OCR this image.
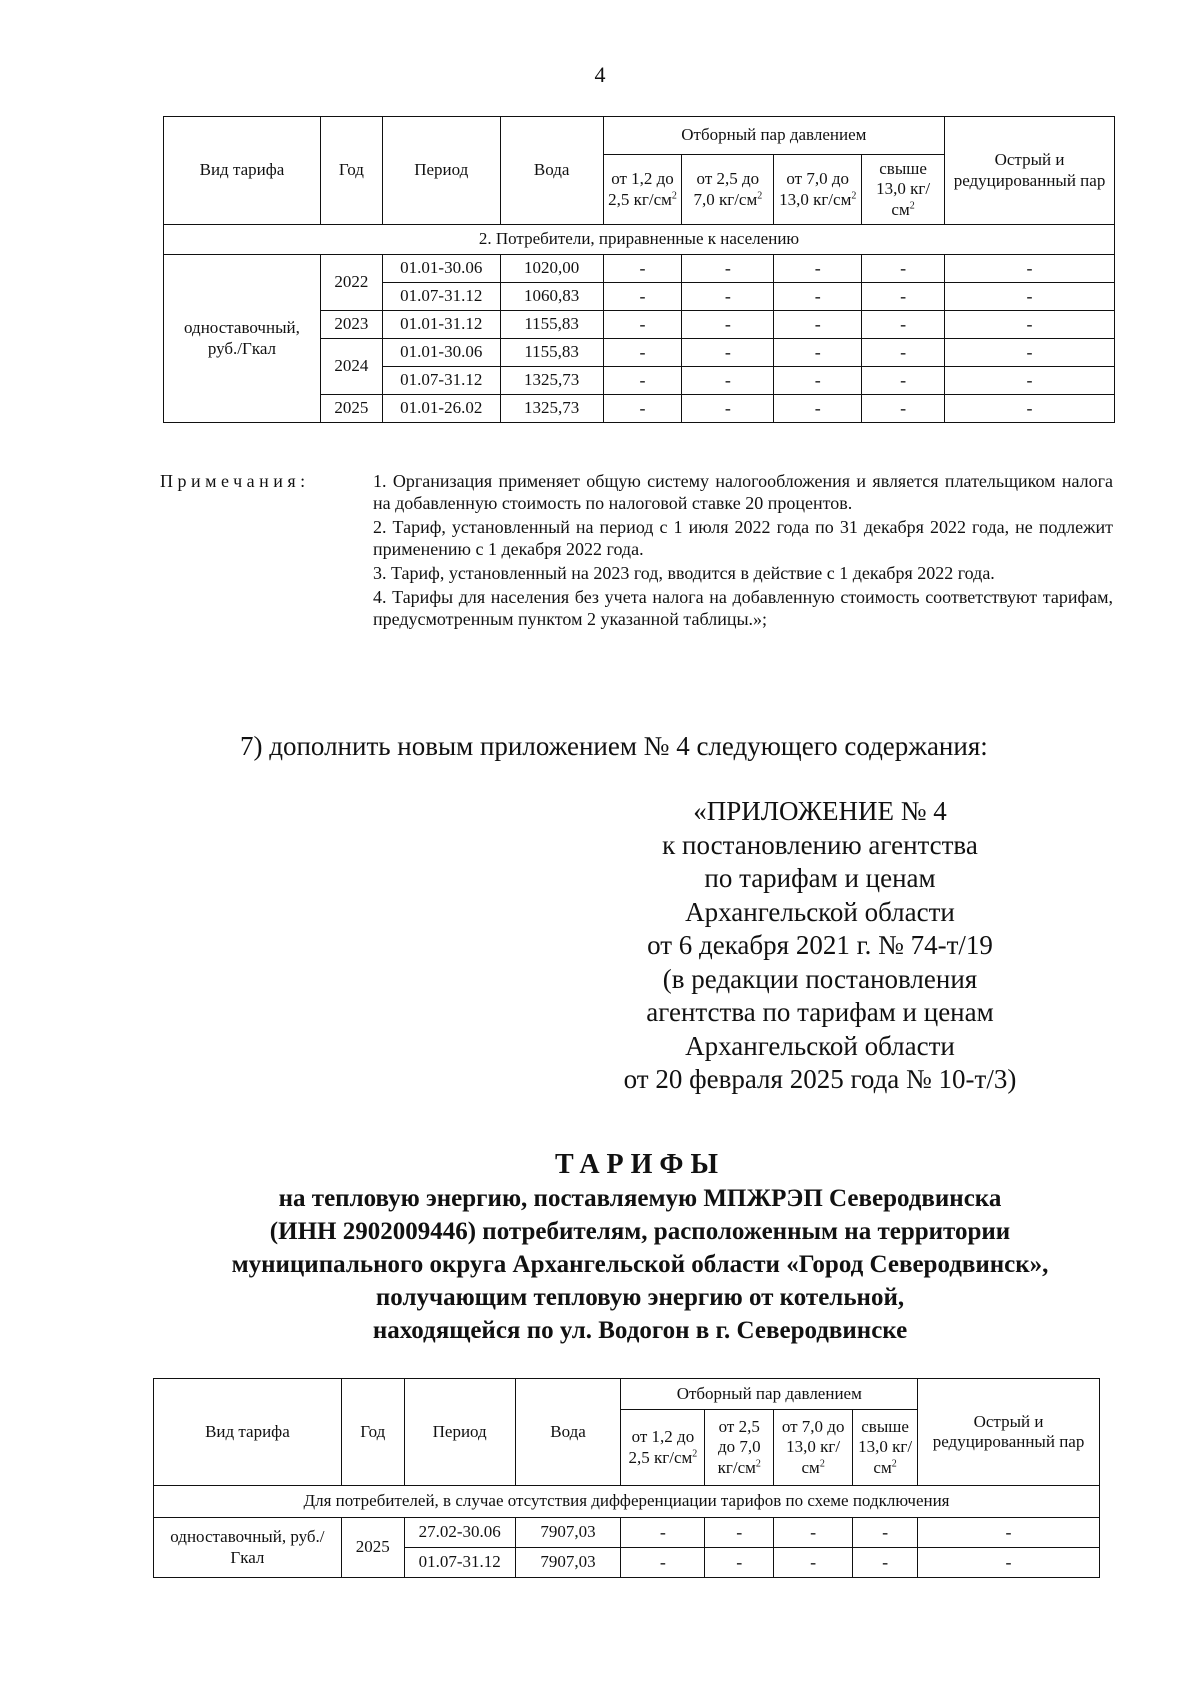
4
Вид тарифа	Год	Период	Вода	Отборный пар давлением				Острый и редуцированный пар
				от 1,2 до 2,5 $кг/см^2$	от 2,5 до 7,0 $кг/см^2$	от 7,0 до 13,0 $кг/см^2$	свыше 13,0 $кг/см^2$
2. Потребители, приравненные к населению								
одноставочный, руб./Гкал	2022	01.01-30.06	1020,00	-	-	-	-	-
		01.07-31.12	1060,83	-	-	-	-	-
	2023	01.01-31.12	1155,83	-	-	-	-	-
	2024	01.01-30.06	1155,83	-	-	-	-	-
		01.07-31.12	1325,73	-	-	-	-	-
	2025	01.01-26.02	1325,73	-	-	-	-	-
Примечания:	1. Организация применяет общую систему налогообложения и является плательщиком налога на добавленную стоимость по налоговой ставке 20 процентов.
2. Тариф, установленный на период с 1 июля 2022 года по 31 декабря 2022 года, не подлежит применению с 1 декабря 2022 года.
3. Тариф, установленный на 2023 год, вводится в действие с 1 декабря 2022 года.
4. Тарифы для населения без учета налога на добавленную стоимость соответствуют тарифам, предусмотренным пунктом 2 указанной таблицы.»;
7) дополнить новым приложением № 4 следующего содержания:
«ПРИЛОЖЕНИЕ № 4
к постановлению агентства
по тарифам и ценам
Архангельской области
от 6 декабря 2021 г. № 74-т/19
(в редакции постановления
агентства по тарифам и ценам
Архангельской области
от 20 февраля 2025 года № 10-т/3)
ТАРИФЫ
на тепловую энергию, поставляемую МПЖРЭП Северодвинска
(ИНН 2902009446) потребителям, расположенным на территории
муниципального округа Архангельской области «Город Северодвинск»,
получающим тепловую энергию от котельной,
находящейся по ул. Водогон в г. Северодвинске
Вид тарифа	Год	Период	Вода	Отборный пар давлением				Острый и редуцированный пар
				от 1,2 до 2,5 $кг/см^2$	от 2,5 до 7,0 $кг/см^2$	от 7,0 до 13,0 $кг/см^2$	свыше 13,0 $кг/см^2$
Для потребителей, в случае отсутствия дифференциации тарифов по схеме подключения								
одноставочный, руб./Гкал	2025	27.02-30.06	7907,03	-	-	-	-	-
		01.07-31.12	7907,03	-	-	-	-	-
